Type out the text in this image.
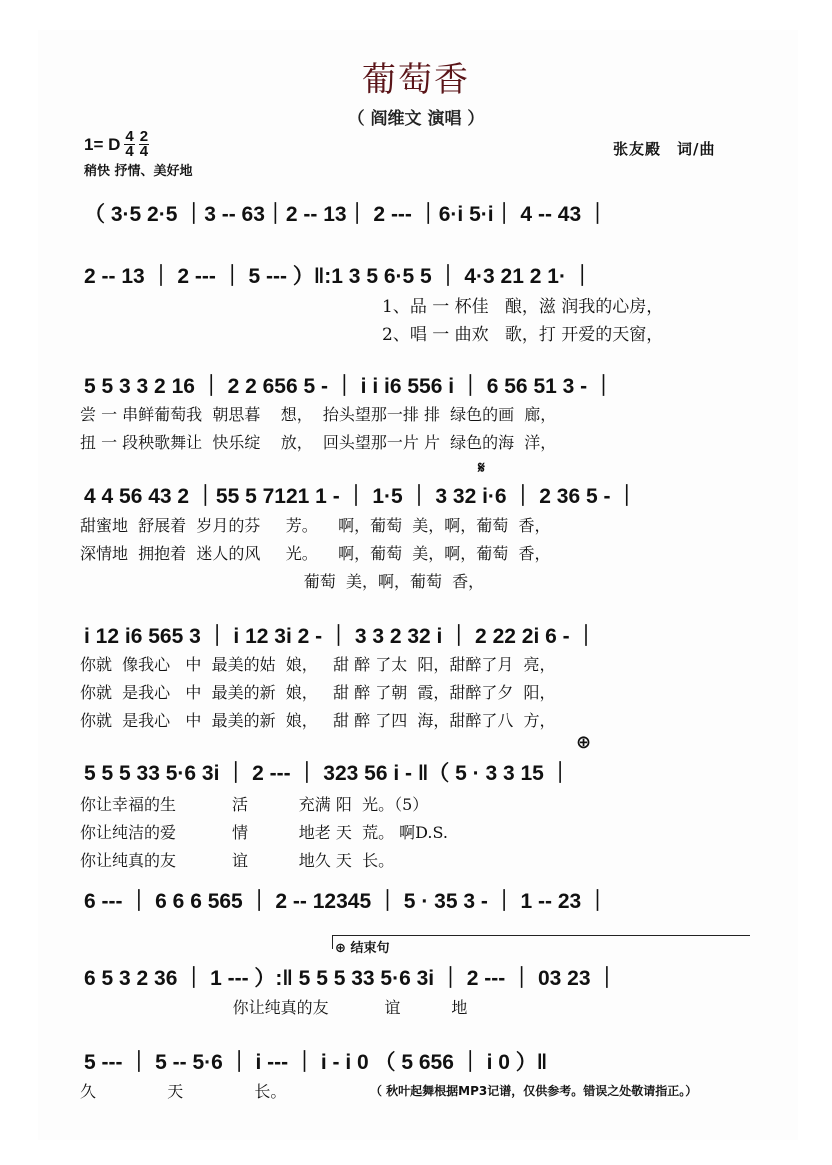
葡萄香
（ 阎维文 演唱 ）
1= D $\frac{4}{4} \frac{2}{4}$
稍快 抒情、美好地
张友殿　词/曲
（ 3·5 2·5 ｜3 -- 63｜2 -- 13｜ 2 --- ｜6·i 5·i｜ 4 -- 43 ｜
2 -- 13 ｜ 2 --- ｜ 5 --- ）‖:1 3 5 6·5 5 ｜ 4·3 21 2 1· ｜
1、品 一 杯佳   酿，滋 润我的心房，
2、唱 一 曲欢   歌，打 开爱的天窗，
5 5 3 3 2 16 ｜ 2 2 656 5 - ｜ i i i6 556 i ｜ 6 56 51 3 - ｜
尝 一 串鲜葡萄我  朝思暮    想，  抬头望那一排 排  绿色的画  廊，
扭 一 段秧歌舞让  快乐绽    放，  回头望那一片 片  绿色的海  洋，
𝄋
4 4 56 43 2 ｜55 5 7121 1 - ｜ 1·5 ｜ 3 32 i·6 ｜ 2 36 5 - ｜
甜蜜地  舒展着  岁月的芬     芳。    啊，葡萄  美，啊，葡萄  香，
深情地  拥抱着  迷人的风     光。    啊，葡萄  美，啊，葡萄  香，
葡萄  美，啊，葡萄  香，
i 12 i6 565 3 ｜ i 12 3i 2 - ｜ 3 3 2 32 i ｜ 2 22 2i 6 - ｜
你就  像我心   中  最美的姑  娘，   甜 醉 了太  阳，甜醉了月  亮，
你就  是我心   中  最美的新  娘，   甜 醉 了朝  霞，甜醉了夕  阳，
你就  是我心   中  最美的新  娘，   甜 醉 了四  海，甜醉了八  方，
⊕
5 5 5 33 5·6 3i ｜ 2 --- ｜ 323 56 i - ‖（ 5 · 3 3 15 ｜
你让幸福的生           活          充满 阳  光。（5）
你让纯洁的爱           情          地老 天  荒。 啊D.S.
你让纯真的友           谊          地久 天  长。
6 --- ｜ 6 6 6 565 ｜ 2 -- 12345 ｜ 5 · 35 3 - ｜ 1 -- 23 ｜
⊕ 结束句
6 5 3 2 36 ｜ 1 --- ）:‖ 5 5 5 33 5·6 3i ｜ 2 --- ｜ 03 23 ｜
你让纯真的友           谊          地
5 --- ｜ 5 -- 5·6 ｜ i --- ｜ i - i 0 （ 5 656 ｜ i 0 ）‖
久              天              长。	（ 秋叶起舞根据MP3记谱，仅供参考。错误之处敬请指正。）
